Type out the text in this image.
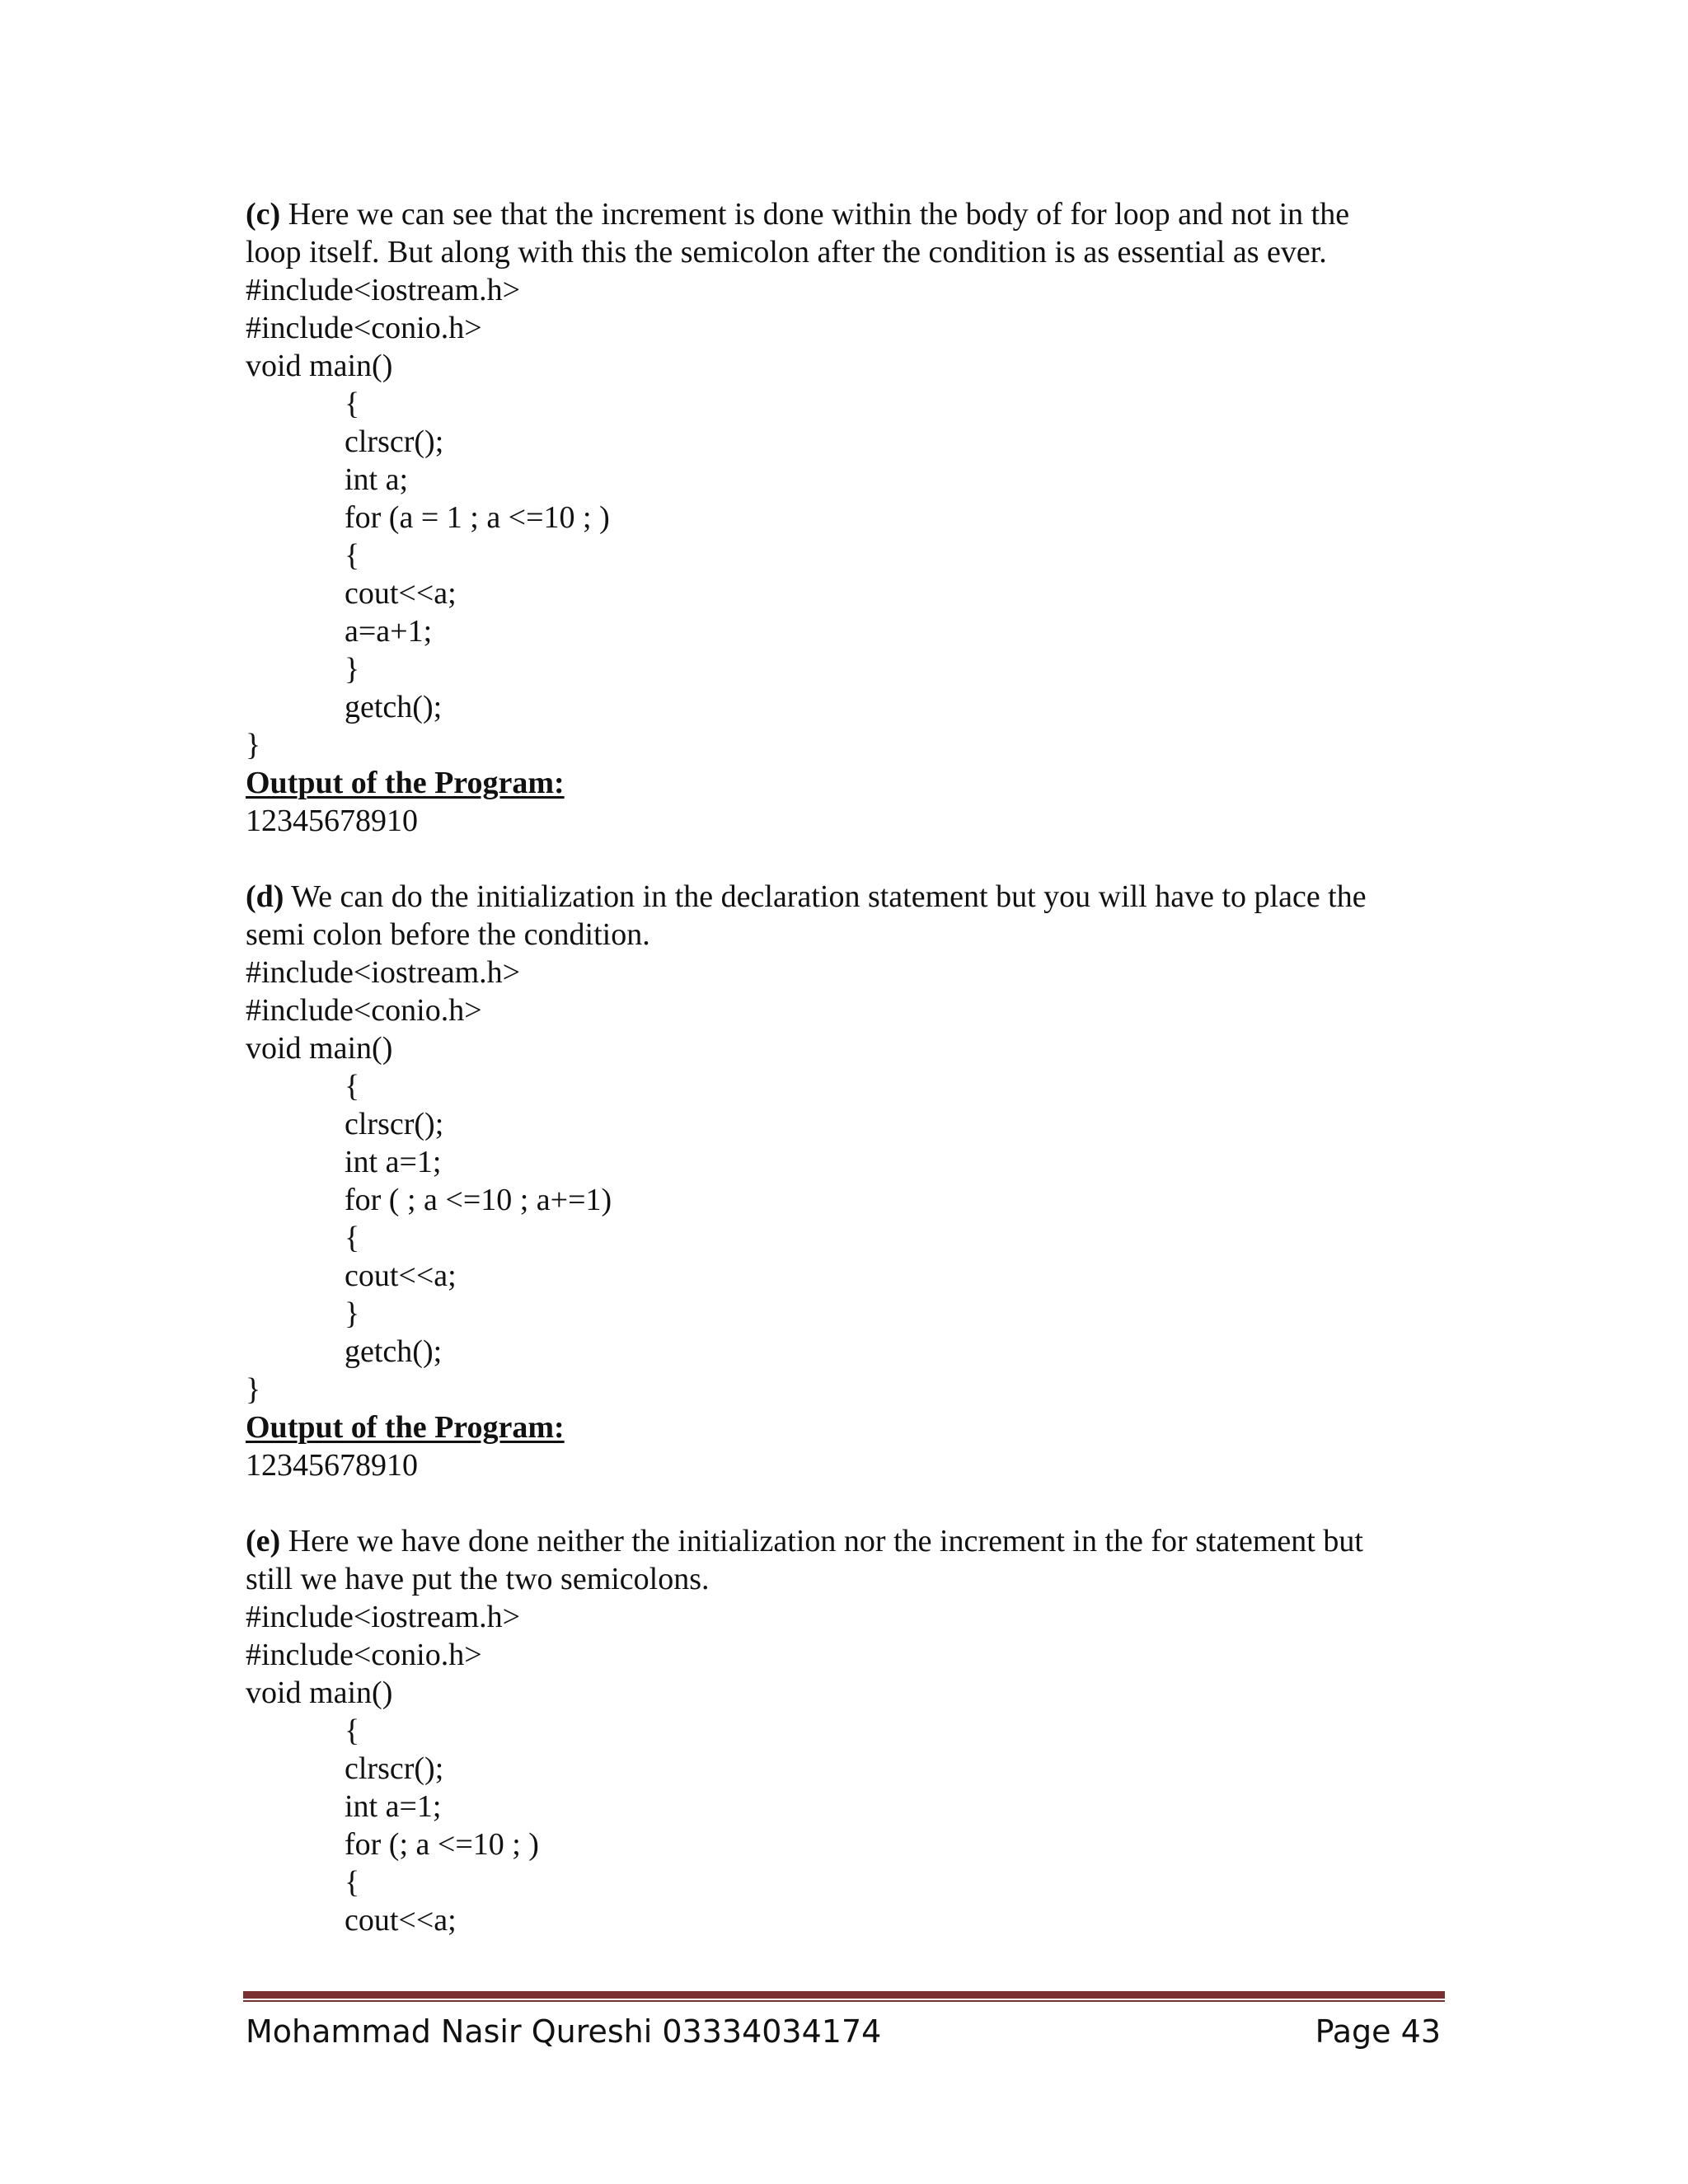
(c) Here we can see that the increment is done within the body of for loop and not in the
loop itself. But along with this the semicolon after the condition is as essential as ever.
#include<iostream.h>
#include<conio.h>
void main()
{
clrscr();
int a;
for (a = 1 ; a <=10 ; )
{
cout<<a;
a=a+1;
}
getch();
}
Output of the Program:
12345678910
(d) We can do the initialization in the declaration statement but you will have to place the
semi colon before the condition.
#include<iostream.h>
#include<conio.h>
void main()
{
clrscr();
int a=1;
for ( ; a <=10 ; a+=1)
{
cout<<a;
}
getch();
}
Output of the Program:
12345678910
(e) Here we have done neither the initialization nor the increment in the for statement but
still we have put the two semicolons.
#include<iostream.h>
#include<conio.h>
void main()
{
clrscr();
int a=1;
for (; a <=10 ; )
{
cout<<a;
Mohammad Nasir Qureshi 03334034174	Page 43
